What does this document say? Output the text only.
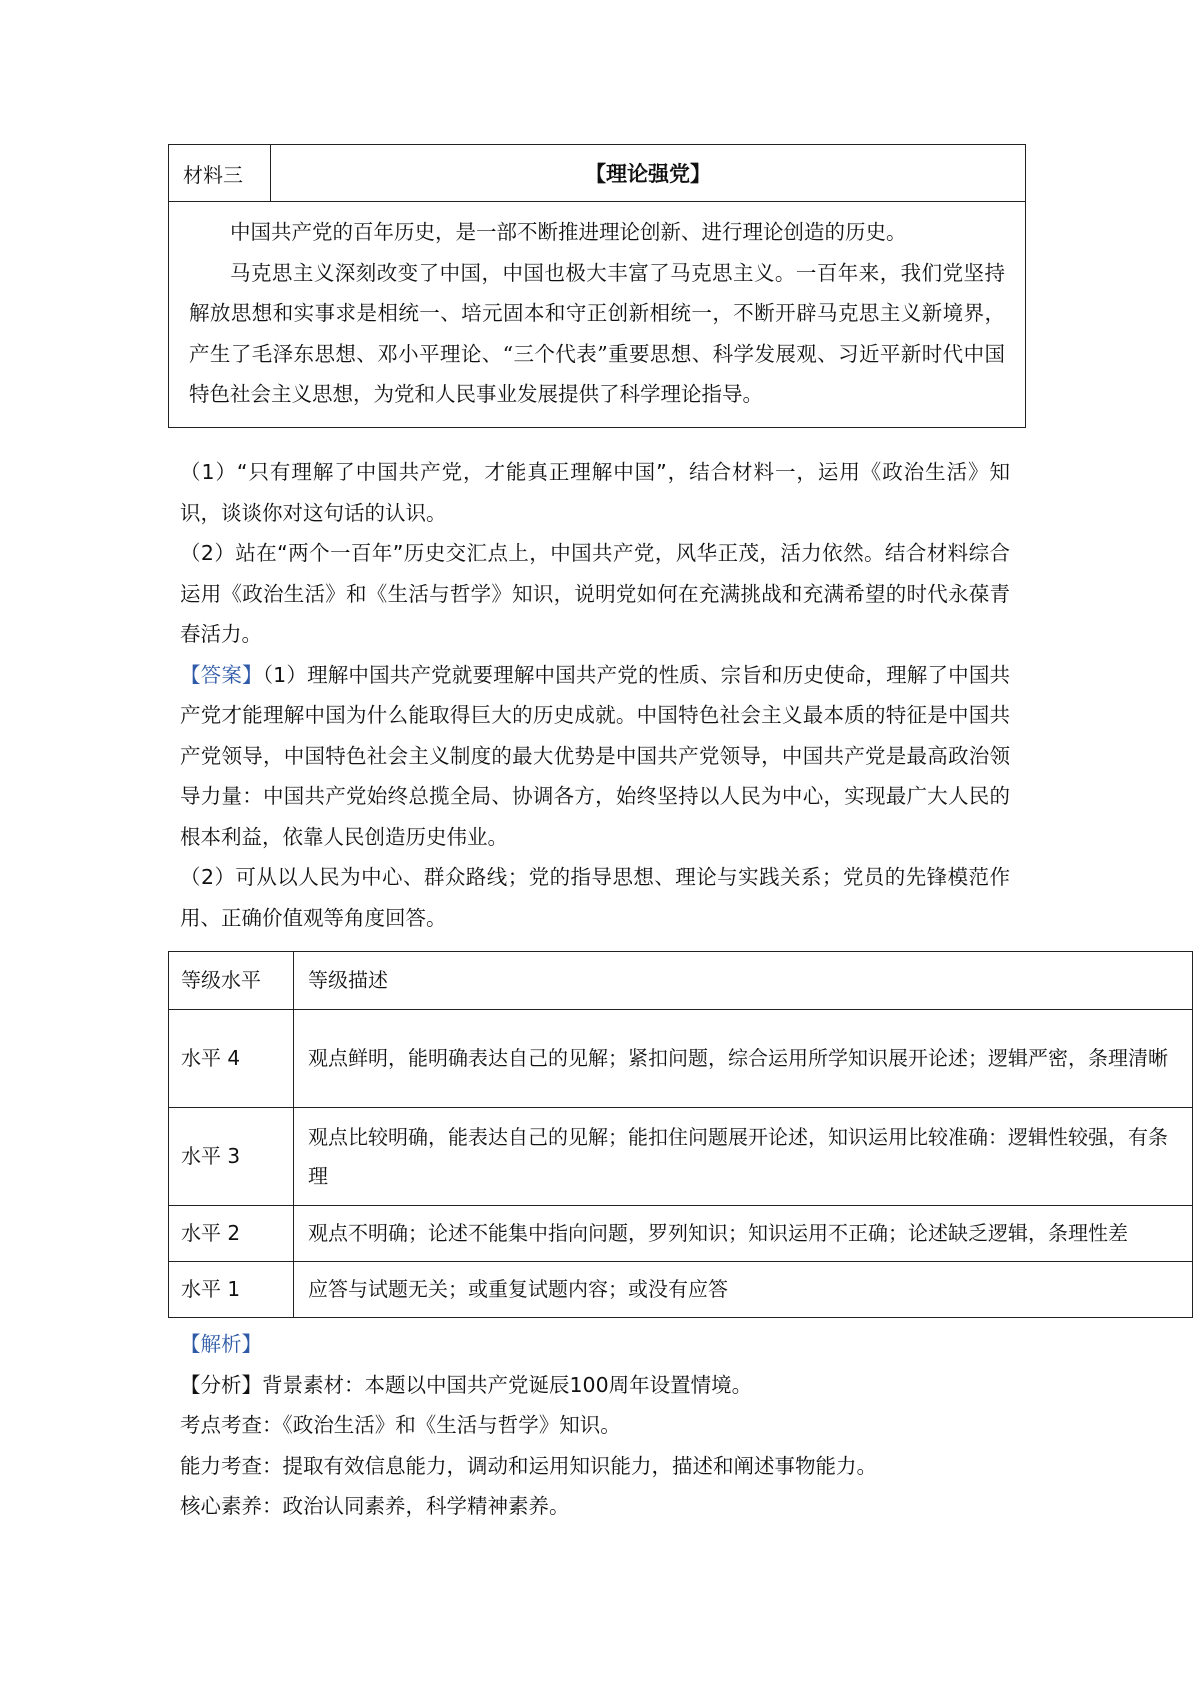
材料三	【理论强党】

中国共产党的百年历史，是一部不断推进理论创新、进行理论创造的历史。

马克思主义深刻改变了中国，中国也极大丰富了马克思主义。一百年来，我们党坚持解放思想和实事求是相统一、培元固本和守正创新相统一，不断开辟马克思主义新境界，产生了毛泽东思想、邓小平理论、“三个代表”重要思想、科学发展观、习近平新时代中国特色社会主义思想，为党和人民事业发展提供了科学理论指导。

（1）“只有理解了中国共产党，才能真正理解中国”，结合材料一，运用《政治生活》知识，谈谈你对这句话的认识。

（2）站在“两个一百年”历史交汇点上，中国共产党，风华正茂，活力依然。结合材料综合运用《政治生活》和《生活与哲学》知识，说明党如何在充满挑战和充满希望的时代永葆青春活力。

【答案】（1）理解中国共产党就要理解中国共产党的性质、宗旨和历史使命，理解了中国共产党才能理解中国为什么能取得巨大的历史成就。中国特色社会主义最本质的特征是中国共产党领导，中国特色社会主义制度的最大优势是中国共产党领导，中国共产党是最高政治领导力量：中国共产党始终总揽全局、协调各方，始终坚持以人民为中心，实现最广大人民的根本利益，依靠人民创造历史伟业。

（2）可从以人民为中心、群众路线；党的指导思想、理论与实践关系；党员的先锋模范作用、正确价值观等角度回答。

等级水平	等级描述
水平 4	观点鲜明，能明确表达自己的见解；紧扣问题，综合运用所学知识展开论述；逻辑严密，条理清晰
水平 3	观点比较明确，能表达自己的见解；能扣住问题展开论述，知识运用比较准确：逻辑性较强，有条理
水平 2	观点不明确；论述不能集中指向问题，罗列知识；知识运用不正确；论述缺乏逻辑，条理性差
水平 1	应答与试题无关；或重复试题内容；或没有应答

【解析】

【分析】背景素材：本题以中国共产党诞辰100周年设置情境。

考点考查：《政治生活》和《生活与哲学》知识。

能力考查：提取有效信息能力，调动和运用知识能力，描述和阐述事物能力。

核心素养：政治认同素养，科学精神素养。
